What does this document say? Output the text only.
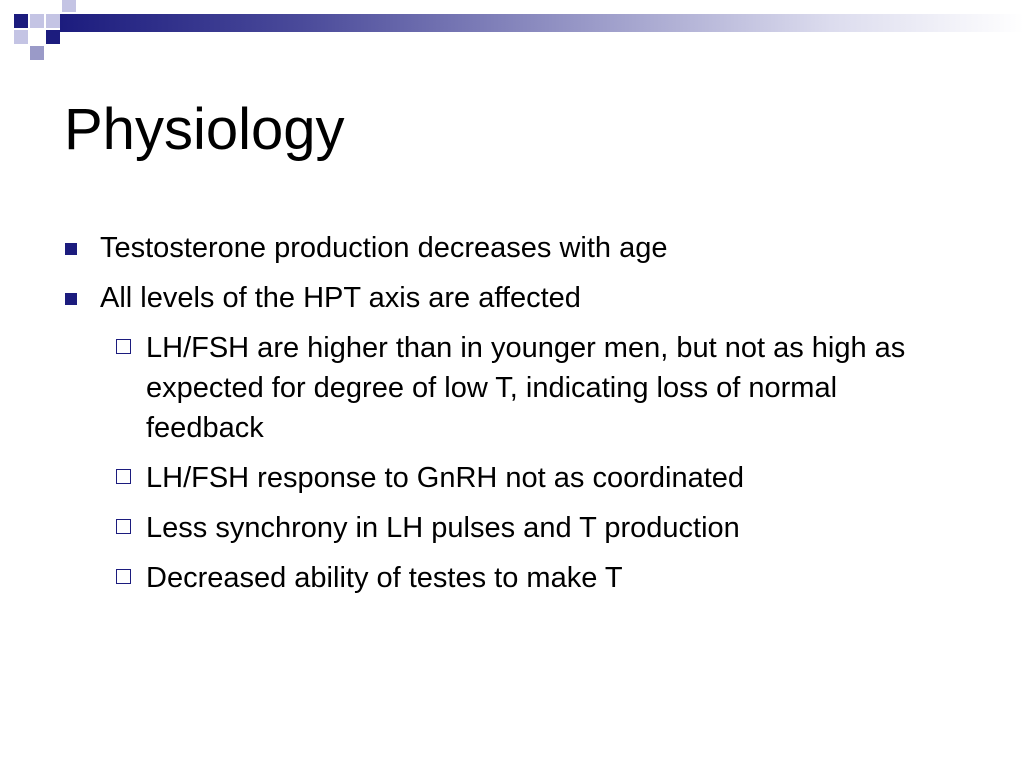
Physiology
Testosterone production decreases with age
All levels of the HPT axis are affected
LH/FSH are higher than in younger men, but not as high as expected for degree of low T, indicating loss of normal feedback
LH/FSH response to GnRH not as coordinated
Less synchrony in LH pulses and T production
Decreased ability of testes to make T
